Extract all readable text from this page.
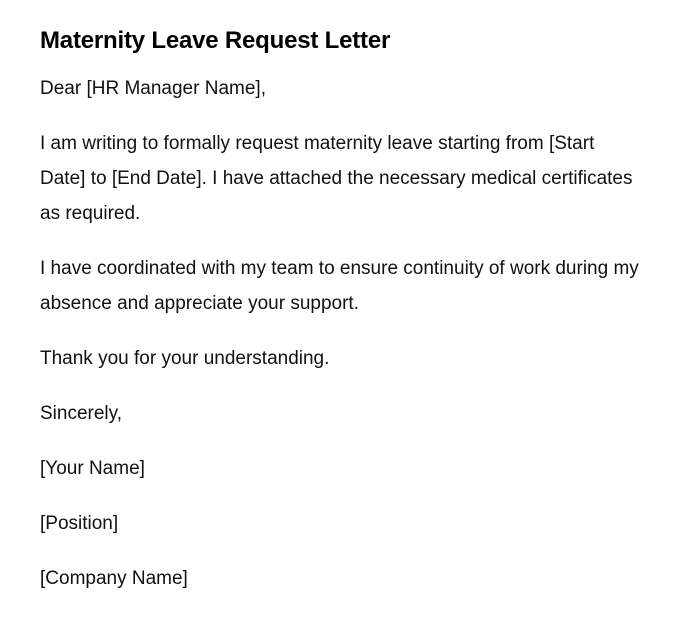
Maternity Leave Request Letter

Dear [HR Manager Name],

I am writing to formally request maternity leave starting from [Start Date] to [End Date]. I have attached the necessary medical certificates as required.

I have coordinated with my team to ensure continuity of work during my absence and appreciate your support.

Thank you for your understanding.

Sincerely,

[Your Name]

[Position]

[Company Name]
